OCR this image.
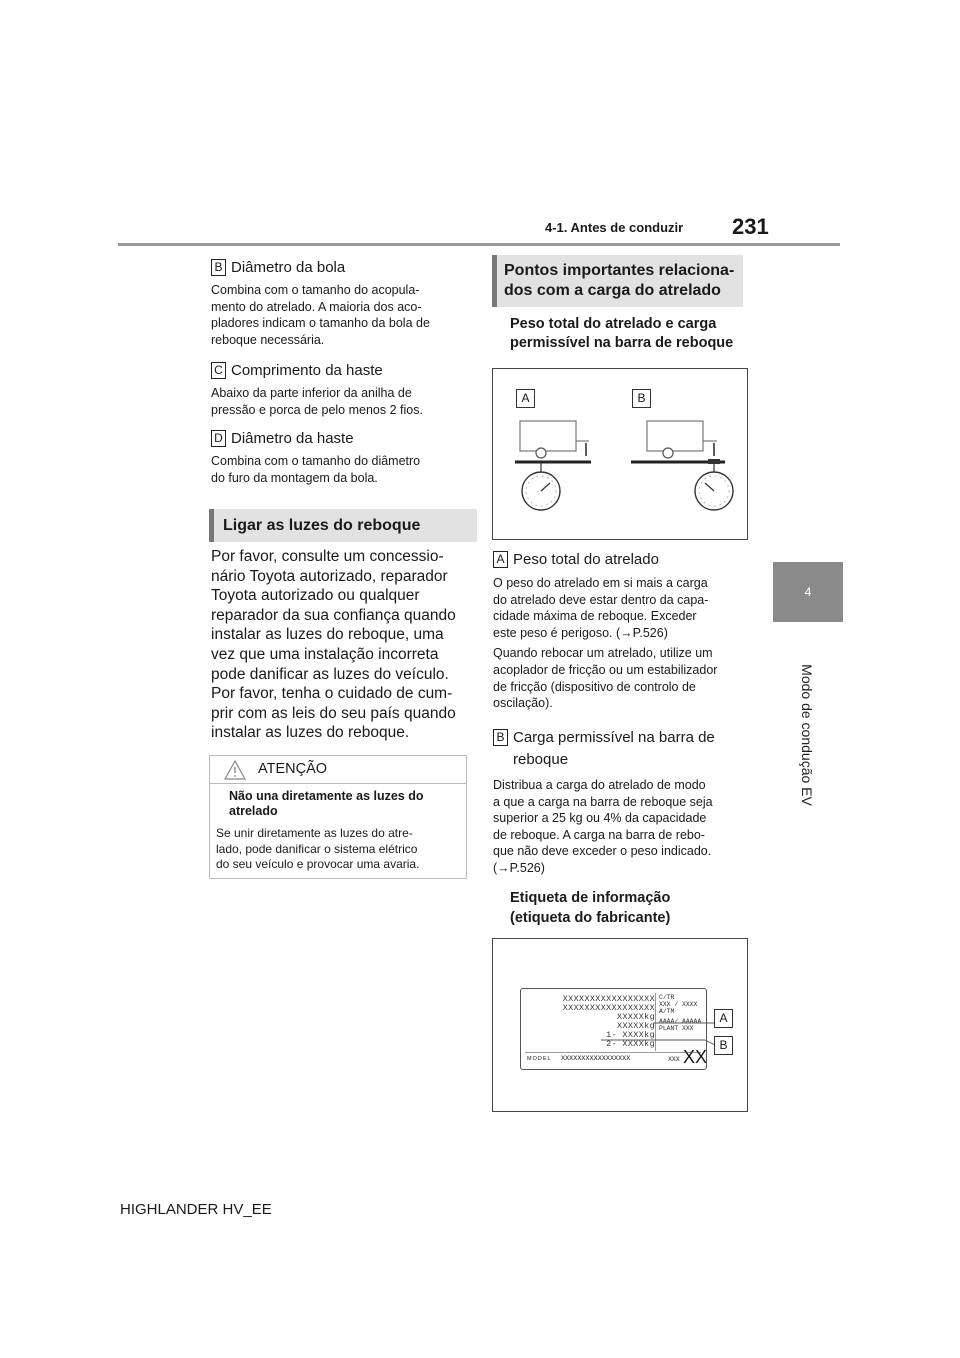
4-1. Antes de conduzir 231
4
Modo de condução EV
B Diâmetro da bola
Combina com o tamanho do acopula-
mento do atrelado. A maioria dos aco-
pladores indicam o tamanho da bola de
reboque necessária.
C Comprimento da haste
Abaixo da parte inferior da anilha de
pressão e porca de pelo menos 2 fios.
D Diâmetro da haste
Combina com o tamanho do diâmetro
do furo da montagem da bola.
Ligar as luzes do reboque
Por favor, consulte um concessio-
nário Toyota autorizado, reparador
Toyota autorizado ou qualquer
reparador da sua confiança quando
instalar as luzes do reboque, uma
vez que uma instalação incorreta
pode danificar as luzes do veículo.
Por favor, tenha o cuidado de cum-
prir com as leis do seu país quando
instalar as luzes do reboque.
ATENÇÃO
Não una diretamente as luzes do
atrelado
Se unir diretamente as luzes do atre-
lado, pode danificar o sistema elétrico
do seu veículo e provocar uma avaria.
Pontos importantes relaciona-
dos com a carga do atrelado
Peso total do atrelado e carga
permissível na barra de reboque
A	B
A Peso total do atrelado
O peso do atrelado em si mais a carga
do atrelado deve estar dentro da capa-
cidade máxima de reboque. Exceder
este peso é perigoso. (→P.526)
Quando rebocar um atrelado, utilize um
acoplador de fricção ou um estabilizador
de fricção (dispositivo de controlo de
oscilação).
B Carga permissível na barra de
reboque
Distribua a carga do atrelado de modo
a que a carga na barra de reboque seja
superior a 25 kg ou 4% da capacidade
de reboque. A carga na barra de rebo-
que não deve exceder o peso indicado.
(→P.526)
Etiqueta de informação
(etiqueta do fabricante)
XXXXXXXXXXXXXXXXX
XXXXXXXXXXXXXXXXX
XXXXXkg
XXXXXkg
1- XXXXkg
2- XXXXkg
C/TR
XXX / XXXX
A/TM
AAAA/ AAAAA
PLANT XXX
MODEL XXXXXXXXXXXXXXXXX	XXX XX
A
B
HIGHLANDER HV_EE
